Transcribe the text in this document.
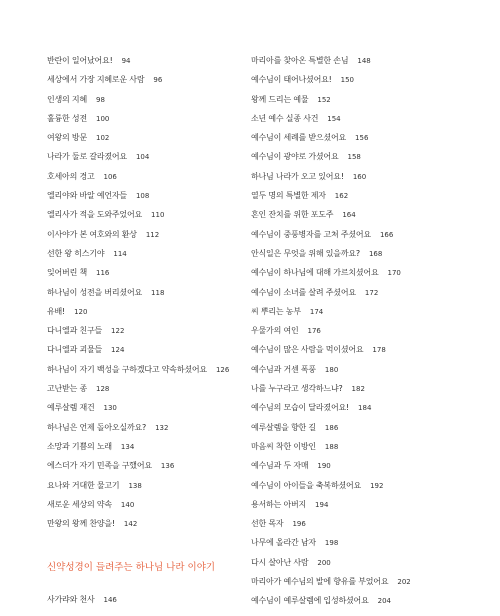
반란이 일어났어요! 94
세상에서 가장 지혜로운 사람 96
인생의 지혜 98
훌륭한 성전 100
여왕의 방문 102
나라가 둘로 갈라졌어요 104
호세아의 경고 106
엘리야와 바알 예언자들 108
엘리사가 적을 도와주었어요 110
이사야가 본 여호와의 환상 112
선한 왕 히스기야 114
잊어버린 책 116
하나님이 성전을 버리셨어요 118
유배! 120
다니엘과 친구들 122
다니엘과 괴물들 124
하나님이 자기 백성을 구하겠다고 약속하셨어요 126
고난받는 종 128
예루살렘 재건 130
하나님은 언제 돌아오실까요? 132
소망과 기쁨의 노래 134
에스더가 자기 민족을 구했어요 136
요나와 거대한 물고기 138
새로운 세상의 약속 140
만왕의 왕께 찬양을! 142
신약성경이 들려주는 하나님 나라 이야기
사가랴와 천사 146
마리아를 찾아온 특별한 손님 148
예수님이 태어나셨어요! 150
왕께 드리는 예물 152
소년 예수 실종 사건 154
예수님이 세례를 받으셨어요 156
예수님이 광야로 가셨어요 158
하나님 나라가 오고 있어요! 160
열두 명의 특별한 제자 162
혼인 잔치를 위한 포도주 164
예수님이 중풍병자를 고쳐 주셨어요 166
안식일은 무엇을 위해 있을까요? 168
예수님이 하나님에 대해 가르치셨어요 170
예수님이 소녀를 살려 주셨어요 172
씨 뿌리는 농부 174
우물가의 여인 176
예수님이 많은 사람을 먹이셨어요 178
예수님과 거센 폭풍 180
나를 누구라고 생각하느냐? 182
예수님의 모습이 달라졌어요! 184
예루살렘을 향한 길 186
마음씨 착한 이방인 188
예수님과 두 자매 190
예수님이 아이들을 축복하셨어요 192
용서하는 아버지 194
선한 목자 196
나무에 올라간 남자 198
다시 살아난 사람 200
마리아가 예수님의 발에 향유를 부었어요 202
예수님이 예루살렘에 입성하셨어요 204
